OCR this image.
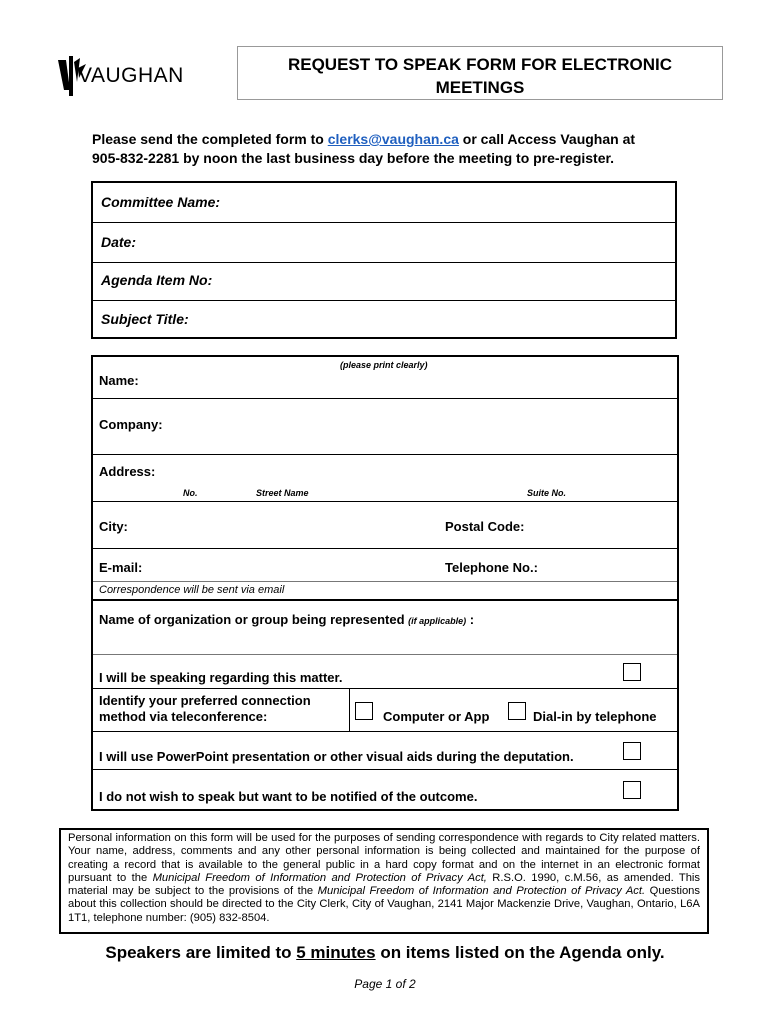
VAUGHAN	REQUEST TO SPEAK FORM FOR ELECTRONIC
MEETINGS
Please send the completed form to clerks@vaughan.ca or call Access Vaughan at
905-832-2281 by noon the last business day before the meeting to pre-register.
Committee Name:
Date:
Agenda Item No:
Subject Title:
(please print clearly)
Name:
Company:
Address:
No.	Street Name	Suite No.
City:	Postal Code:
E-mail:	Telephone No.:
Correspondence will be sent via email
Name of organization or group being represented (if applicable) :
I will be speaking regarding this matter.
Identify your preferred connection
method via teleconference:	Computer or App	Dial-in by telephone
I will use PowerPoint presentation or other visual aids during the deputation.
I do not wish to speak but want to be notified of the outcome.
Personal information on this form will be used for the purposes of sending correspondence with regards to City related matters. Your name, address, comments and any other personal information is being collected and maintained for the purpose of creating a record that is available to the general public in a hard copy format and on the internet in an electronic format pursuant to the Municipal Freedom of Information and Protection of Privacy Act, R.S.O. 1990, c.M.56, as amended. This material may be subject to the provisions of the Municipal Freedom of Information and Protection of Privacy Act. Questions about this collection should be directed to the City Clerk, City of Vaughan, 2141 Major Mackenzie Drive, Vaughan, Ontario, L6A 1T1, telephone number: (905) 832-8504.
Speakers are limited to 5 minutes on items listed on the Agenda only.
Page 1 of 2
